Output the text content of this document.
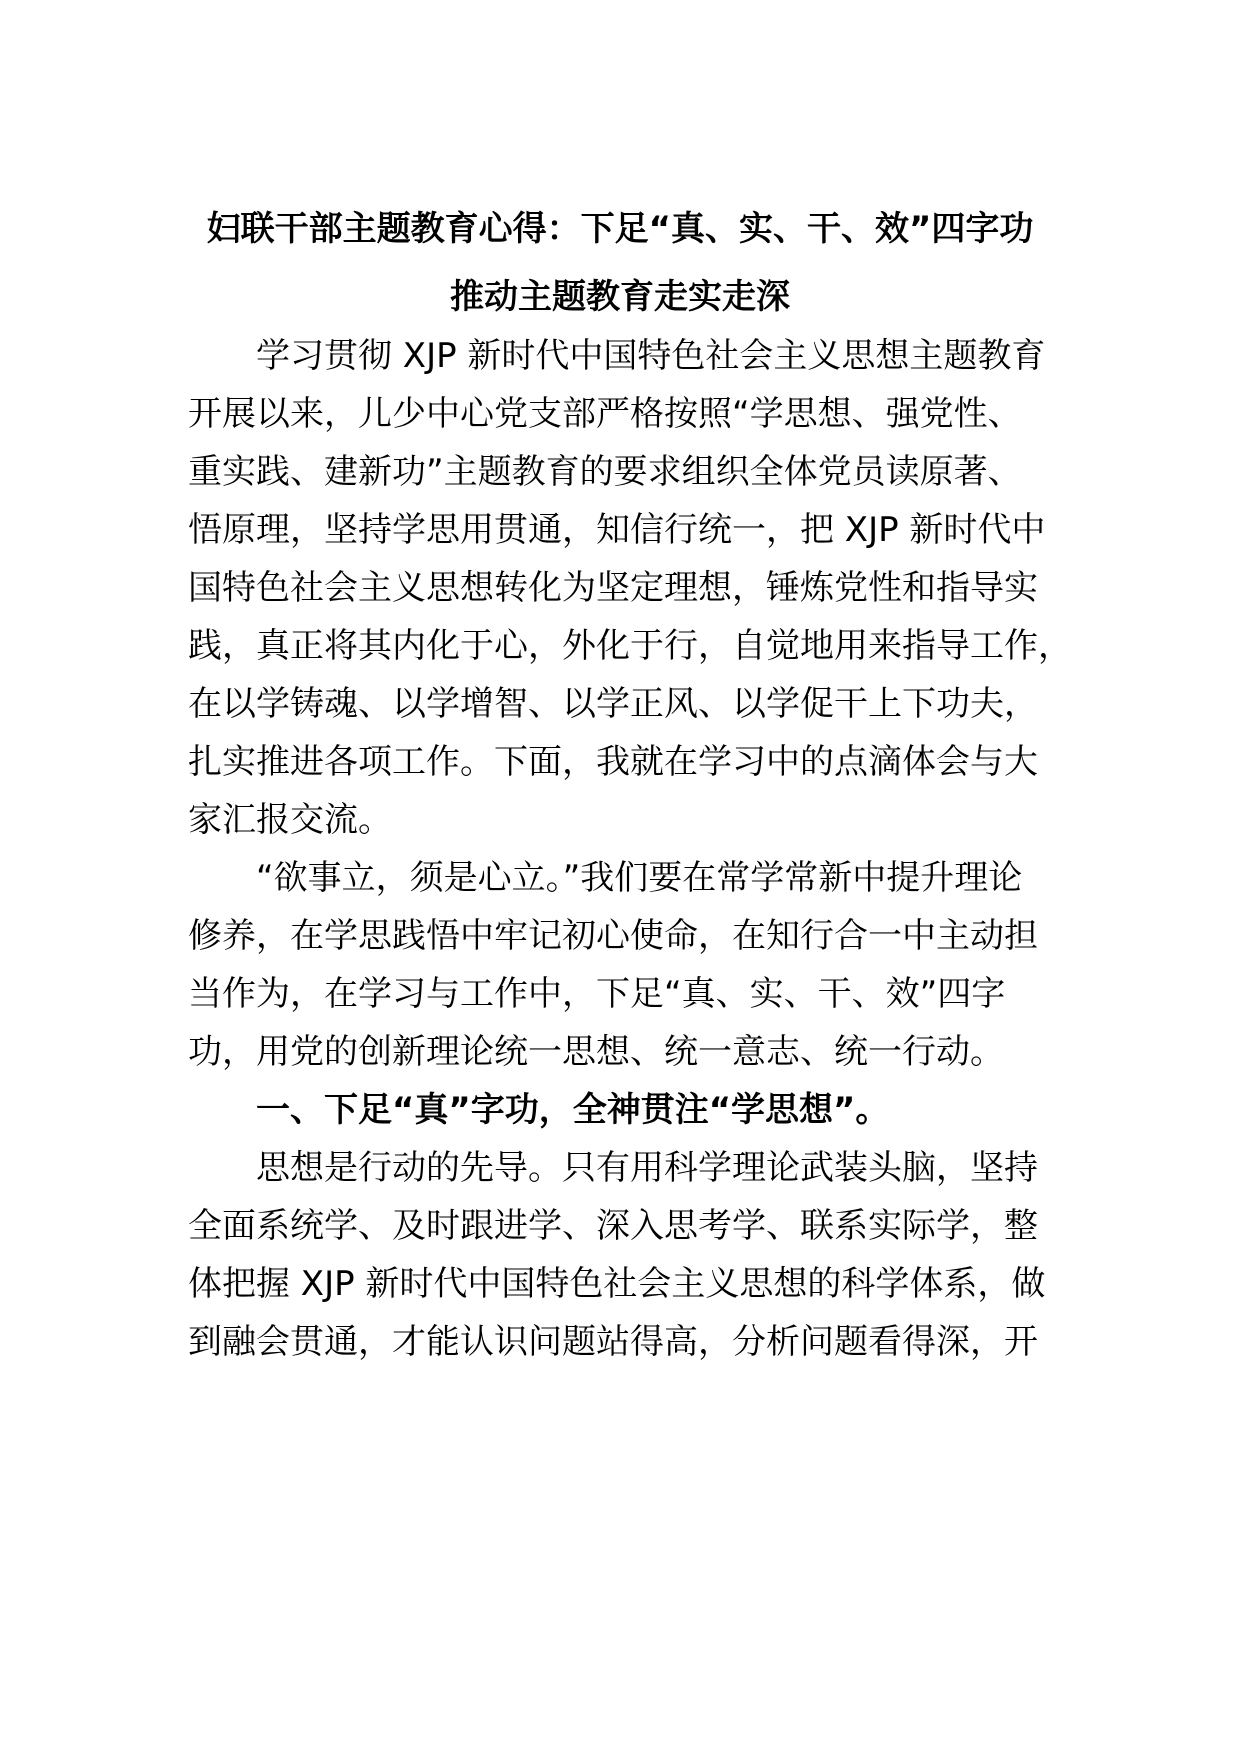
妇联干部主题教育心得：下足“真、实、干、效”四字功
推动主题教育走实走深

学习贯彻 XJP 新时代中国特色社会主义思想主题教育

开展以来，儿少中心党支部严格按照“学思想、强党性、

重实践、建新功”主题教育的要求组织全体党员读原著、

悟原理，坚持学思用贯通，知信行统一，把 XJP 新时代中

国特色社会主义思想转化为坚定理想，锤炼党性和指导实

践，真正将其内化于心，外化于行，自觉地用来指导工作，

在以学铸魂、以学增智、以学正风、以学促干上下功夫，

扎实推进各项工作。下面，我就在学习中的点滴体会与大

家汇报交流。

“欲事立，须是心立。”我们要在常学常新中提升理论

修养，在学思践悟中牢记初心使命，在知行合一中主动担

当作为，在学习与工作中，下足“真、实、干、效”四字

功，用党的创新理论统一思想、统一意志、统一行动。

一、下足“真”字功，全神贯注“学思想”。

思想是行动的先导。只有用科学理论武装头脑，坚持

全面系统学、及时跟进学、深入思考学、联系实际学，整

体把握 XJP 新时代中国特色社会主义思想的科学体系，做

到融会贯通，才能认识问题站得高，分析问题看得深，开
